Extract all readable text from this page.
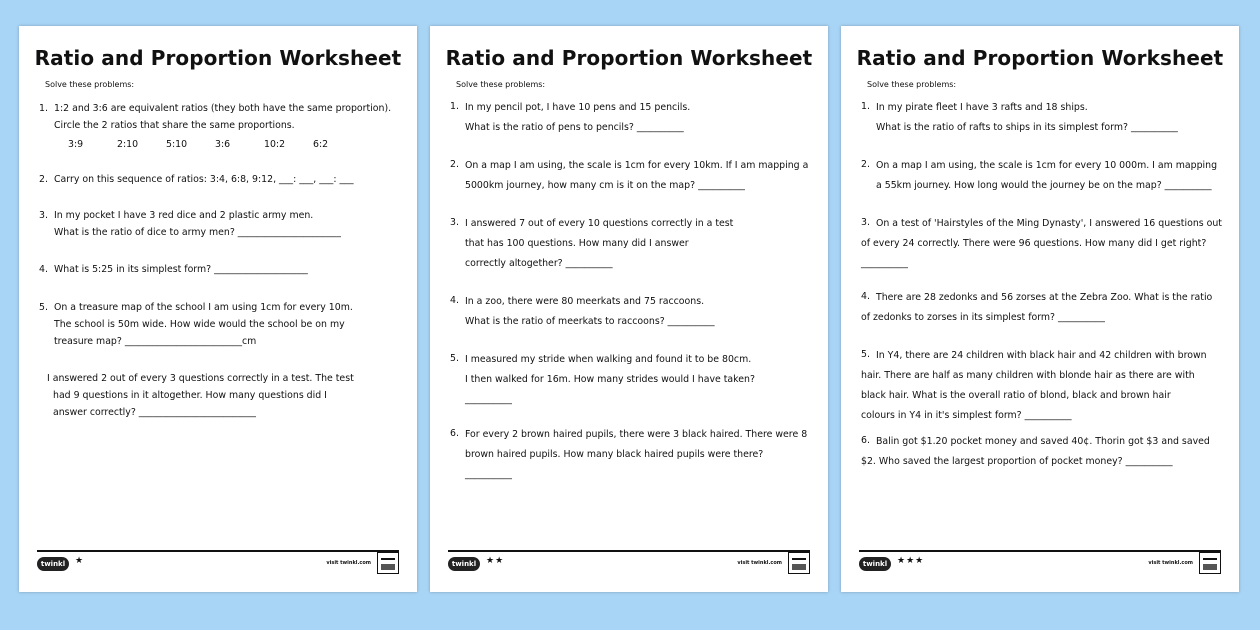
Ratio and Proportion Worksheet
Solve these problems:
1. 1:2 and 3:6 are equivalent ratios (they both have the same proportion).
Circle the 2 ratios that share the same proportions.
3:9	2:10	5:10	3:6	10:2	6:2
2. Carry on this sequence of ratios: 3:4, 6:8, 9:12, ___: ___, ___: ___
3. In my pocket I have 3 red dice and 2 plastic army men.
What is the ratio of dice to army men? ______________________
4. What is 5:25 in its simplest form? ____________________
5. On a treasure map of the school I am using 1cm for every 10m.
The school is 50m wide. How wide would the school be on my
treasure map? _________________________cm
I answered 2 out of every 3 questions correctly in a test. The test
had 9 questions in it altogether. How many questions did I
answer correctly? _________________________
twinkl	★	visit twinkl.com
Ratio and Proportion Worksheet
Solve these problems:
1. In my pencil pot, I have 10 pens and 15 pencils.
What is the ratio of pens to pencils? __________
2. On a map I am using, the scale is 1cm for every 10km. If I am mapping a
5000km journey, how many cm is it on the map? __________
3. I answered 7 out of every 10 questions correctly in a test
that has 100 questions. How many did I answer
correctly altogether? __________
4. In a zoo, there were 80 meerkats and 75 raccoons.
What is the ratio of meerkats to raccoons? __________
5. I measured my stride when walking and found it to be 80cm.
I then walked for 16m. How many strides would I have taken?
__________
6. For every 2 brown haired pupils, there were 3 black haired. There were 8
brown haired pupils. How many black haired pupils were there?
__________
twinkl	★★	visit twinkl.com
Ratio and Proportion Worksheet
Solve these problems:
1. In my pirate fleet I have 3 rafts and 18 ships.
What is the ratio of rafts to ships in its simplest form? __________
2. On a map I am using, the scale is 1cm for every 10 000m. I am mapping
a 55km journey. How long would the journey be on the map? __________
3. On a test of 'Hairstyles of the Ming Dynasty', I answered 16 questions out
of every 24 correctly. There were 96 questions. How many did I get right?
__________
4. There are 28 zedonks and 56 zorses at the Zebra Zoo. What is the ratio
of zedonks to zorses in its simplest form? __________
5. In Y4, there are 24 children with black hair and 42 children with brown
hair. There are half as many children with blonde hair as there are with
black hair. What is the overall ratio of blond, black and brown hair
colours in Y4 in it's simplest form? __________
6. Balin got $1.20 pocket money and saved 40¢. Thorin got $3 and saved
$2. Who saved the largest proportion of pocket money? __________
twinkl	★★★	visit twinkl.com
